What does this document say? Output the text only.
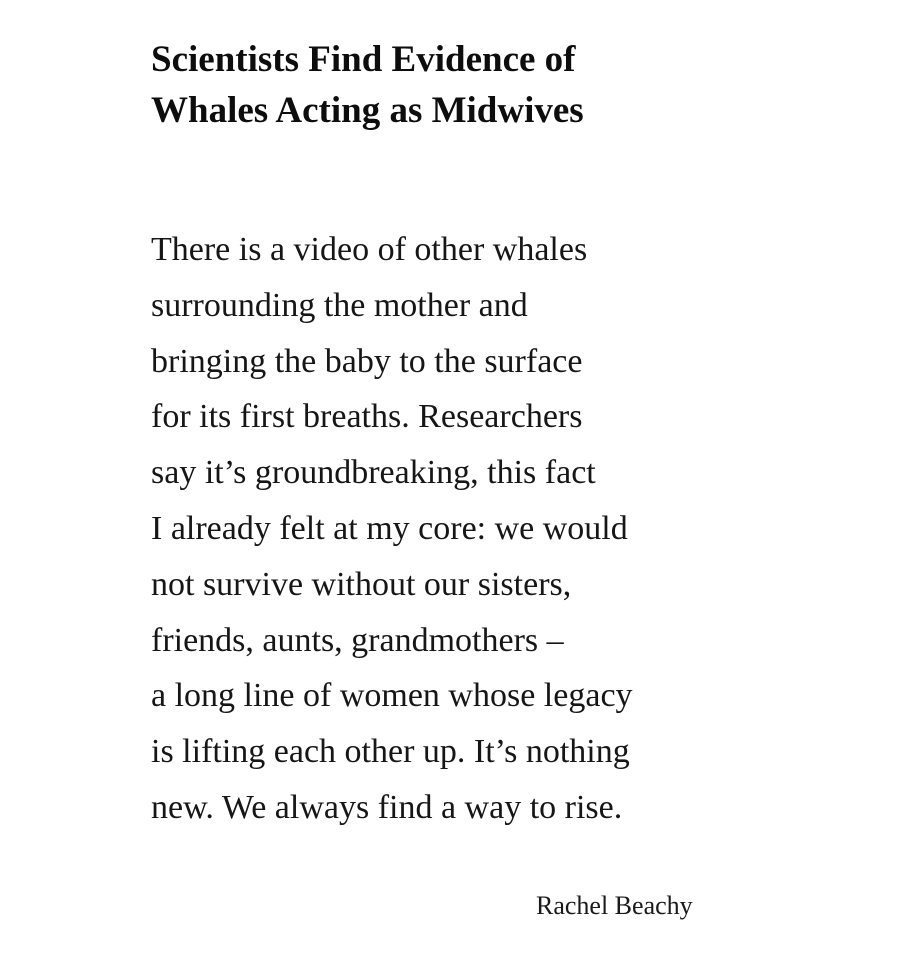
Scientists Find Evidence of
Whales Acting as Midwives
There is a video of other whales
surrounding the mother and
bringing the baby to the surface
for its first breaths. Researchers
say it’s groundbreaking, this fact
I already felt at my core: we would
not survive without our sisters,
friends, aunts, grandmothers –
a long line of women whose legacy
is lifting each other up. It’s nothing
new. We always find a way to rise.

Rachel Beachy
